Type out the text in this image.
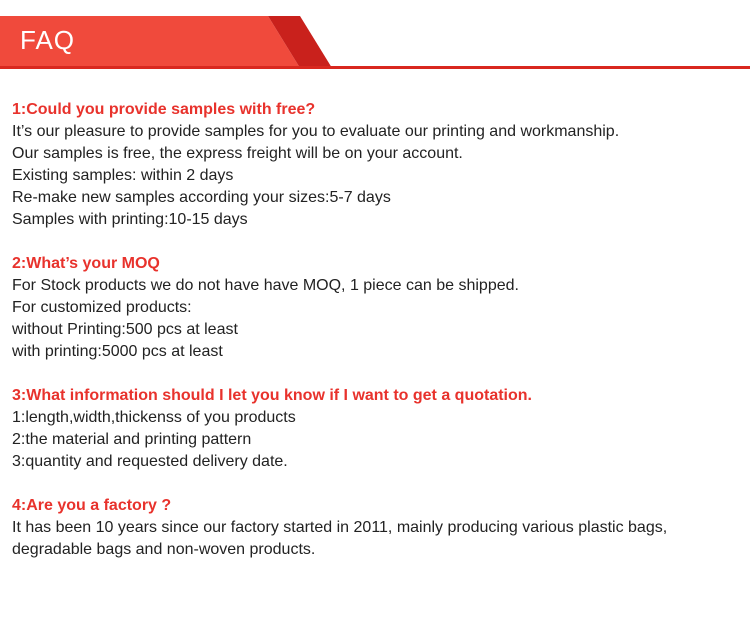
FAQ
1:Could you provide samples with free?
It’s our pleasure to provide samples for you to evaluate our printing and workmanship.
Our samples is free, the express freight will be on your account.
Existing samples: within 2 days
Re-make new samples according your sizes:5-7 days
Samples with printing:10-15 days
2:What’s your MOQ
For Stock products we do not have have MOQ, 1 piece can be shipped.
For customized products:
without Printing:500 pcs at least
with printing:5000 pcs at least
3:What information should I let you know if I want to get a quotation.
1:length,width,thickenss of you products
2:the material and printing pattern
3:quantity and requested delivery date.
4:Are you a factory ?
It has been 10 years since our factory started in 2011, mainly producing various plastic bags,
degradable bags and non-woven products.
